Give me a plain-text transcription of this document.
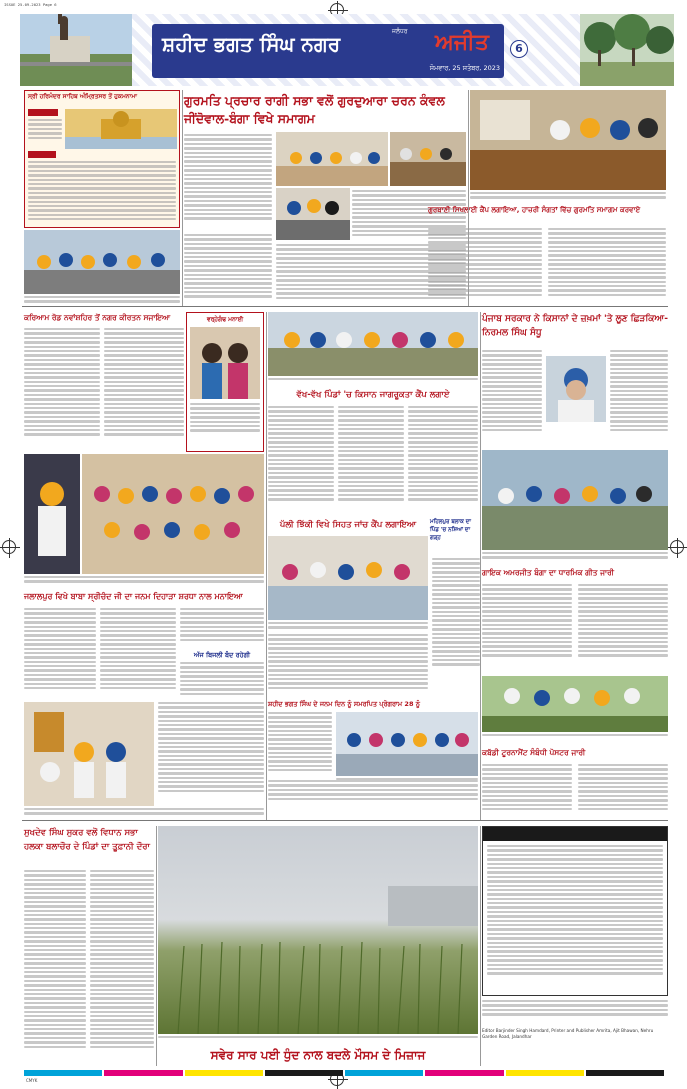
ISSUE 25-09-2023 Page 6
ਸ਼ਹੀਦ ਭਗਤ ਸਿੰਘ ਨਗਰ
ਜਲੰਧਰ	ਅਜੀਤ
ਸੋਮਵਾਰ, 25 ਸਤੰਬਰ, 2023
6
ਸ੍ਰੀ ਹਰਿਮੰਦਰ ਸਾਹਿਬ ਅੰਮ੍ਰਿਤਸਰ ਤੋਂ ਹੁਕਮਨਾਮਾ	ਗੁਰਮਤਿ ਪ੍ਰਚਾਰ ਰਾਗੀ ਸਭਾ ਵਲੋਂ ਗੁਰਦੁਆਰਾ ਚਰਨ ਕੰਵਲ ਜੀਂਦੋਵਾਲ-ਬੰਗਾ ਵਿਖੇ ਸਮਾਗਮ
ਗੁਰਬਾਣੀ ਸਿਖਲਾਈ ਕੈਂਪ ਲਗਾਇਆ, ਹਾਜ਼ਰੀ ਸੰਗਤਾਂ ਵਿੱਚ ਗੁਰਮਤਿ ਸਮਾਗਮ ਕਰਵਾਏ
ਕਰਿਆਮ ਰੋਡ ਨਵਾਂਸ਼ਹਿਰ ਤੋਂ ਨਗਰ ਕੀਰਤਨ ਸਜਾਇਆ	ਵਰ੍ਹੇਗੰਢ ਮਨਾਈ
ਵੱਖ-ਵੱਖ ਪਿੰਡਾਂ 'ਚ ਕਿਸਾਨ ਜਾਗਰੂਕਤਾ ਕੈਂਪ ਲਗਾਏ
ਪੰਜਾਬ ਸਰਕਾਰ ਨੇ ਕਿਸਾਨਾਂ ਦੇ ਜ਼ਖ਼ਮਾਂ 'ਤੇ ਲੂਣ ਛਿੜਕਿਆ-ਨਿਰਮਲ ਸਿੰਘ ਸੰਧੂ
ਪੱਲੀ ਝਿੱਕੀ ਵਿਖੇ ਸਿਹਤ ਜਾਂਚ ਕੈਂਪ ਲਗਾਇਆ	ਮਹਿਲਪੁਰ ਬਲਾਕ ਦਾ ਪਿੰਡ 'ਚ ਨਸ਼ਿਆਂ ਦਾ ਗੜ੍ਹ
ਗਾਇਕ ਅਮਰਜੀਤ ਬੰਗਾ ਦਾ ਧਾਰਮਿਕ ਗੀਤ ਜਾਰੀ
ਜਲਾਲਪੁਰ ਵਿਖੇ ਬਾਬਾ ਸ੍ਰੀਚੰਦ ਜੀ ਦਾ ਜਨਮ ਦਿਹਾੜਾ ਸ਼ਰਧਾ ਨਾਲ ਮਨਾਇਆ
ਅੱਜ ਬਿਜਲੀ ਬੰਦ ਰਹੇਗੀ
ਸ਼ਹੀਦ ਭਗਤ ਸਿੰਘ ਦੇ ਜਨਮ ਦਿਨ ਨੂੰ ਸਮਰਪਿਤ ਪ੍ਰੋਗਰਾਮ 28 ਨੂੰ
ਕਬੱਡੀ ਟੂਰਨਾਮੈਂਟ ਸੰਬੰਧੀ ਪੋਸਟਰ ਜਾਰੀ
ਸੁਖਦੇਵ ਸਿੰਘ ਸੁਕਰ ਵਲੋਂ ਵਿਧਾਨ ਸਭਾ ਹਲਕਾ ਬਲਾਚੌਰ ਦੇ ਪਿੰਡਾਂ ਦਾ ਤੂਫ਼ਾਨੀ ਦੌਰਾ
ਸਵੇਰ ਸਾਰ ਪਈ ਧੁੰਦ ਨਾਲ ਬਦਲੇ ਮੌਸਮ ਦੇ ਮਿਜ਼ਾਜ
Editor Barjinder Singh Hamdard, Printer and Publisher Amrita, Ajit Bhawan, Nehru Garden Road, Jalandhar
CMYK
